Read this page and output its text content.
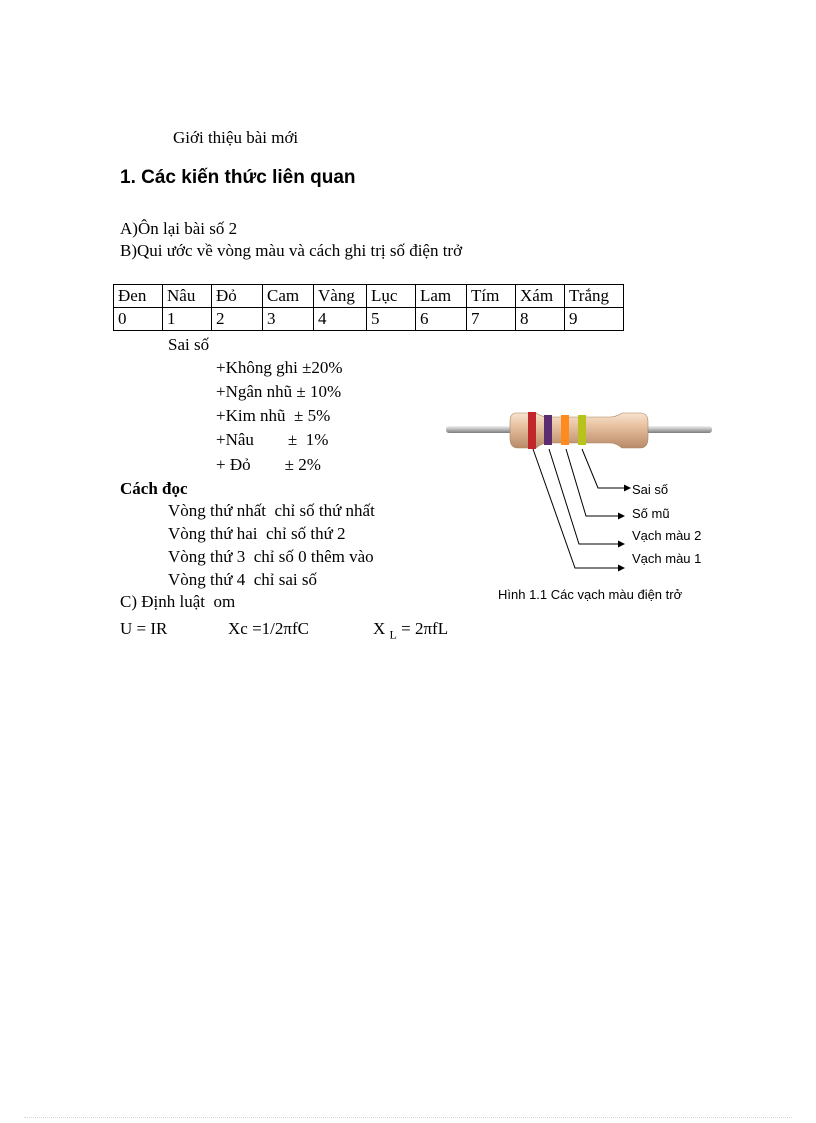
Giới thiệu bài mới
1. Các kiến thức liên quan
A)Ôn lại bài số 2
B)Qui ước về vòng màu và cách ghi trị số điện trở
Đen	Nâu	Đỏ	Cam	Vàng	Lục	Lam	Tím	Xám	Trắng
0	1	2	3	4	5	6	7	8	9
Sai số
+Không ghi ±20%
+Ngân nhũ ± 10%
+Kim nhũ  ± 5%
+Nâu        ±  1%
+ Đỏ        ± 2%
Cách đọc
Vòng thứ nhất  chỉ số thứ nhất
Vòng thứ hai  chỉ số thứ 2
Vòng thứ 3  chỉ số 0 thêm vào
Vòng thứ 4  chỉ sai số
C) Định luật  om
U = IR	Xc =1/2πfC	X $_L$ = 2πfL
Sai số
Số mũ
Vạch màu 2
Vạch màu 1
Hình 1.1 Các vạch màu điện trở
